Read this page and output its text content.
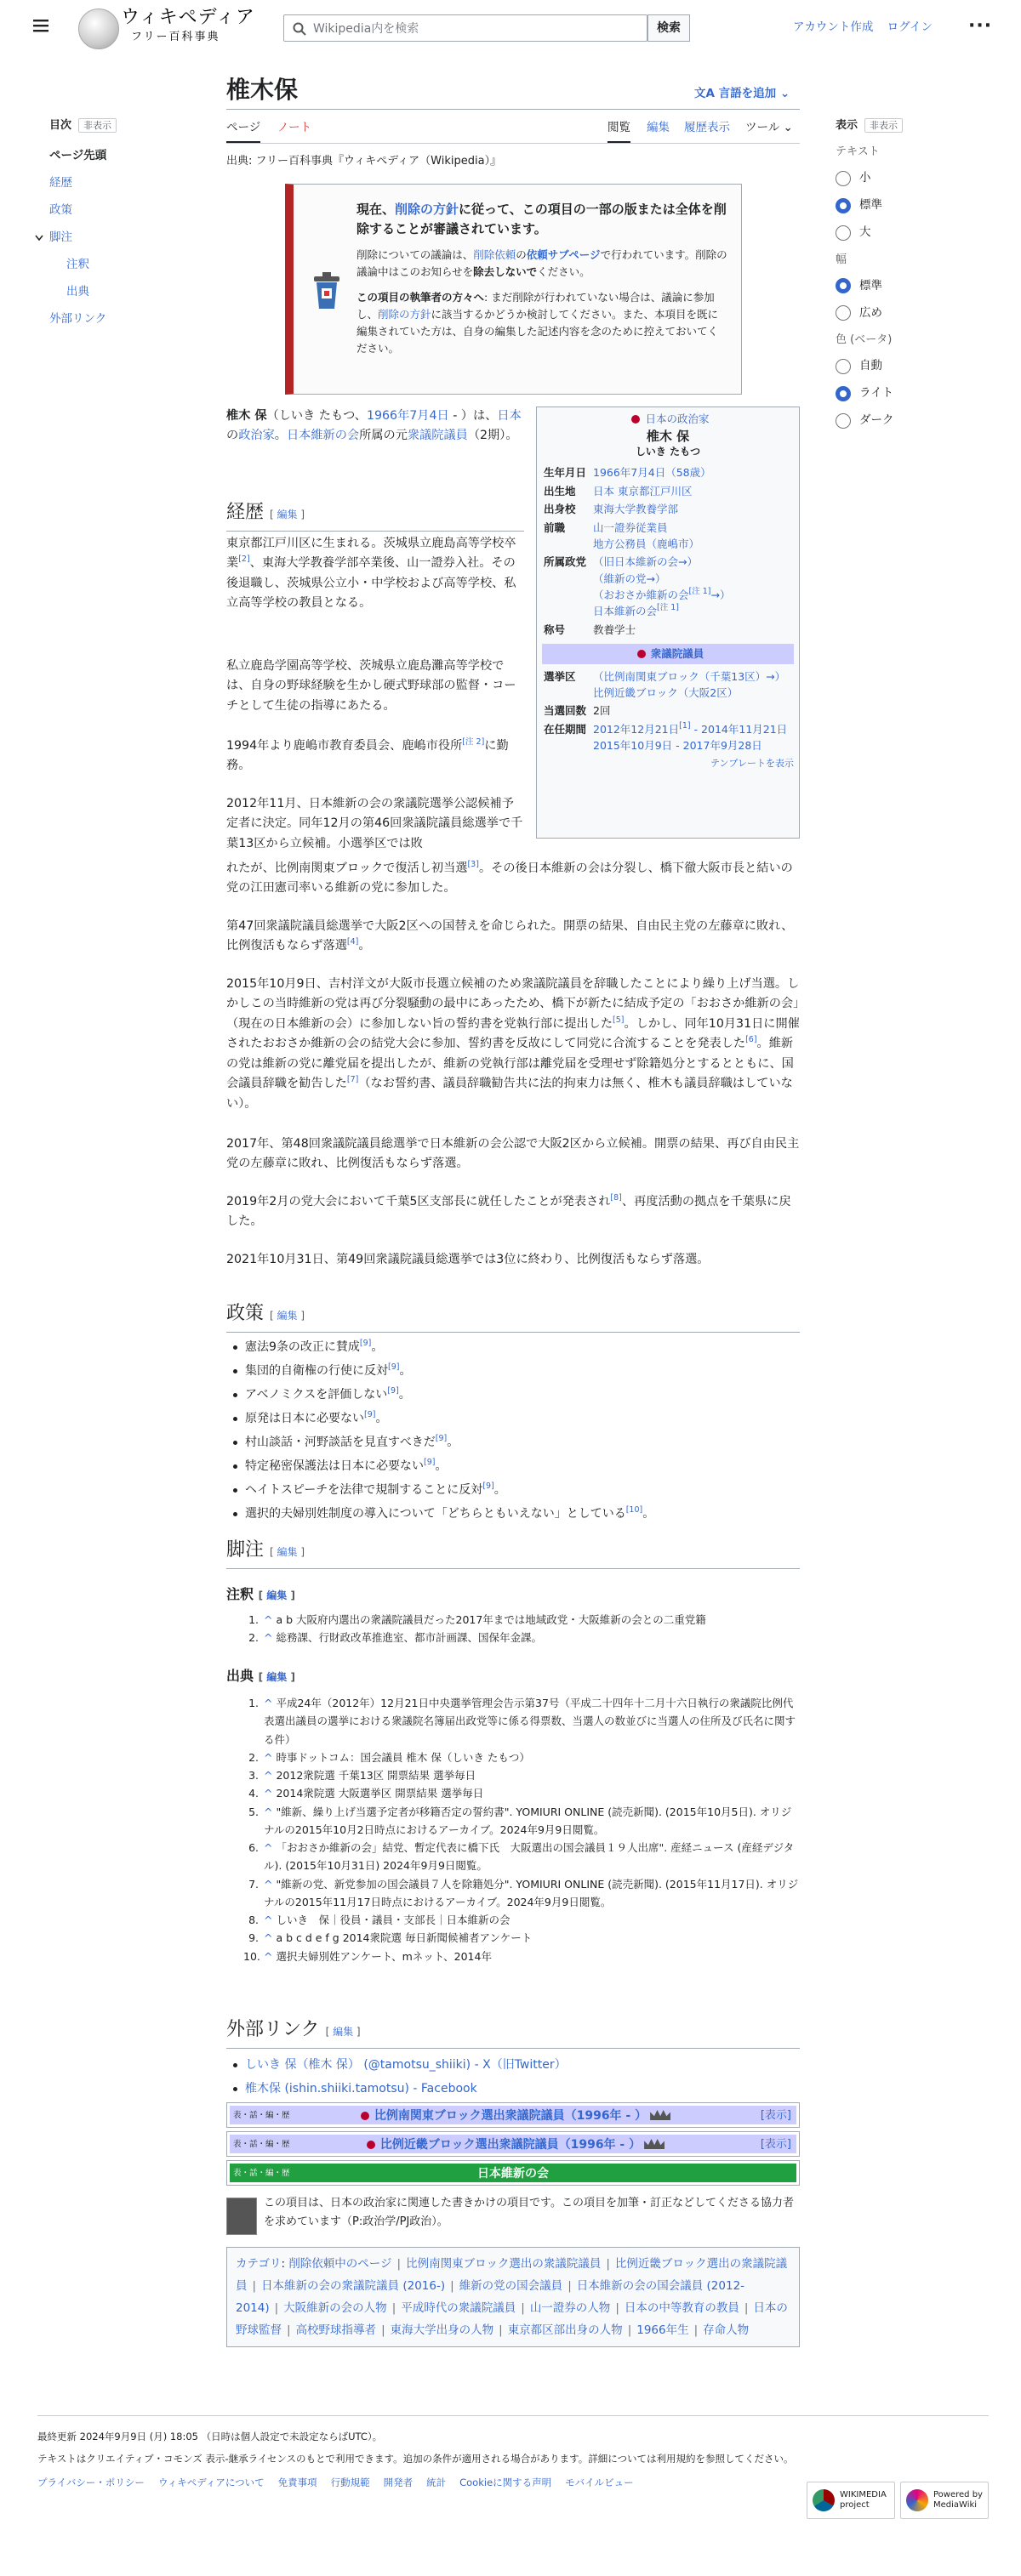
ウィキペディア
フリー百科事典
Wikipedia内を検索	検索	アカウント作成 ログイン ···
目次 非表示
ページ先頭
経歴
政策
脚注
注釈
出典
外部リンク
表示 非表示
テキスト
小
標準
大
幅
標準
広め
色 (ベータ)
自動
ライト
ダーク
椎木保	文A 言語を追加 ⌄
ページ ノート	閲覧 編集 履歴表示 ツール ⌄
出典: フリー百科事典『ウィキペディア（Wikipedia）』
現在、削除の方針に従って、この項目の一部の版または全体を削除することが審議されています。

削除についての議論は、削除依頼の依頼サブページで行われています。削除の議論中はこのお知らせを除去しないでください。

この項目の執筆者の方々へ: まだ削除が行われていない場合は、議論に参加し、削除の方針に該当するかどうか検討してください。また、本項目を既に編集されていた方は、自身の編集した記述内容を念のために控えておいてください。

日本の政治家
椎木 保
しいき たもつ
生年月日	1966年7月4日（58歳）
出生地	日本 東京都江戸川区
出身校	東海大学教養学部
前職	山一證券従業員
地方公務員（鹿嶋市）
所属政党	（旧日本維新の会→）
（維新の党→）
（おおさか維新の会[注 1]→）
日本維新の会[注 1]
称号	教養学士
衆議院議員
選挙区	（比例南関東ブロック（千葉13区）→）
比例近畿ブロック（大阪2区）
当選回数	2回
在任期間	2012年12月21日[1] - 2014年11月21日
2015年10月9日 - 2017年9月28日
テンプレートを表示
椎木 保（しいき たもつ、1966年7月4日 - ）は、日本の政治家。日本維新の会所属の元衆議院議員（2期）。
経歴 [ 編集 ]
東京都江戸川区に生まれる。茨城県立鹿島高等学校卒業[2]、東海大学教養学部卒業後、山一證券入社。その後退職し、茨城県公立小・中学校および高等学校、私立高等学校の教員となる。
私立鹿島学園高等学校、茨城県立鹿島灘高等学校では、自身の野球経験を生かし硬式野球部の監督・コーチとして生徒の指導にあたる。
1994年より鹿嶋市教育委員会、鹿嶋市役所[注 2]に勤務。
2012年11月、日本維新の会の衆議院選挙公認候補予定者に決定。同年12月の第46回衆議院議員総選挙で千葉13区から立候補。小選挙区では敗
れたが、比例南関東ブロックで復活し初当選[3]。その後日本維新の会は分裂し、橋下徹大阪市長と結いの党の江田憲司率いる維新の党に参加した。
第47回衆議院議員総選挙で大阪2区への国替えを命じられた。開票の結果、自由民主党の左藤章に敗れ、比例復活もならず落選[4]。
2015年10月9日、吉村洋文が大阪市長選立候補のため衆議院議員を辞職したことにより繰り上げ当選。しかしこの当時維新の党は再び分裂騒動の最中にあったため、橋下が新たに結成予定の「おおさか維新の会」（現在の日本維新の会）に参加しない旨の誓約書を党執行部に提出した[5]。しかし、同年10月31日に開催されたおおさか維新の会の結党大会に参加、誓約書を反故にして同党に合流することを発表した[6]。維新の党は維新の党に離党届を提出したが、維新の党執行部は離党届を受理せず除籍処分とするとともに、国会議員辞職を勧告した[7]（なお誓約書、議員辞職勧告共に法的拘束力は無く、椎木も議員辞職はしていない）。
2017年、第48回衆議院議員総選挙で日本維新の会公認で大阪2区から立候補。開票の結果、再び自由民主党の左藤章に敗れ、比例復活もならず落選。
2019年2月の党大会において千葉5区支部長に就任したことが発表され[8]、再度活動の拠点を千葉県に戻した。
2021年10月31日、第49回衆議院議員総選挙では3位に終わり、比例復活もならず落選。
政策 [ 編集 ]
憲法9条の改正に賛成[9]。
集団的自衛権の行使に反対[9]。
アベノミクスを評価しない[9]。
原発は日本に必要ない[9]。
村山談話・河野談話を見直すべきだ[9]。
特定秘密保護法は日本に必要ない[9]。
ヘイトスピーチを法律で規制することに反対[9]。
選択的夫婦別姓制度の導入について「どちらともいえない」としている[10]。
脚注 [ 編集 ]
注釈 [ 編集 ]
1. ^ a b 大阪府内選出の衆議院議員だった2017年までは地域政党・大阪維新の会との二重党籍
2. ^ 総務課、行財政改革推進室、都市計画課、国保年金課。
出典 [ 編集 ]
1. ^ 平成24年（2012年）12月21日中央選挙管理会告示第37号（平成二十四年十二月十六日執行の衆議院比例代表選出議員の選挙における衆議院名簿届出政党等に係る得票数、当選人の数並びに当選人の住所及び氏名に関する件）
2. ^ 時事ドットコム：国会議員 椎木 保（しいき たもつ）
3. ^ 2012衆院選 千葉13区 開票結果 選挙毎日
4. ^ 2014衆院選 大阪選挙区 開票結果 選挙毎日
5. ^ "維新、繰り上げ当選予定者が移籍否定の誓約書". YOMIURI ONLINE (読売新聞). (2015年10月5日). オリジナルの2015年10月2日時点におけるアーカイブ。2024年9月9日閲覧。
6. ^ 「おおさか維新の会」結党、暫定代表に橋下氏　大阪選出の国会議員１９人出席". 産経ニュース (産経デジタル). (2015年10月31日) 2024年9月9日閲覧。
7. ^ "維新の党、新党参加の国会議員７人を除籍処分". YOMIURI ONLINE (読売新聞). (2015年11月17日). オリジナルの2015年11月17日時点におけるアーカイブ。2024年9月9日閲覧。
8. ^ しいき　保｜役員・議員・支部長｜日本維新の会
9. ^ a b c d e f g 2014衆院選 毎日新聞候補者アンケート
10. ^ 選択夫婦別姓アンケート、mネット、2014年
外部リンク [ 編集 ]
しいき 保（椎木 保） (@tamotsu_shiiki) - X（旧Twitter）
椎木保 (ishin.shiiki.tamotsu) - Facebook
表・話・編・歴	比例南関東ブロック選出衆議院議員（1996年 - ）	[表示]
表・話・編・歴	比例近畿ブロック選出衆議院議員（1996年 - ）	[表示]
表・話・編・歴	日本維新の会
この項目は、日本の政治家に関連した書きかけの項目です。この項目を加筆・訂正などしてくださる協力者を求めています（P:政治学/PJ政治）。
カテゴリ: 削除依頼中のページ | 比例南関東ブロック選出の衆議院議員 | 比例近畿ブロック選出の衆議院議員 | 日本維新の会の衆議院議員 (2016-) | 維新の党の国会議員 | 日本維新の会の国会議員 (2012-2014) | 大阪維新の会の人物 | 平成時代の衆議院議員 | 山一證券の人物 | 日本の中等教育の教員 | 日本の野球監督 | 高校野球指導者 | 東海大学出身の人物 | 東京都区部出身の人物 | 1966年生 | 存命人物
最終更新 2024年9月9日 (月) 18:05 （日時は個人設定で未設定ならばUTC）。
テキストはクリエイティブ・コモンズ 表示-継承ライセンスのもとで利用できます。追加の条件が適用される場合があります。詳細については利用規約を参照してください。
プライバシー・ポリシー ウィキペディアについて 免責事項 行動規範 開発者 統計 Cookieに関する声明 モバイルビュー
WIKIMEDIA project
Powered by MediaWiki
